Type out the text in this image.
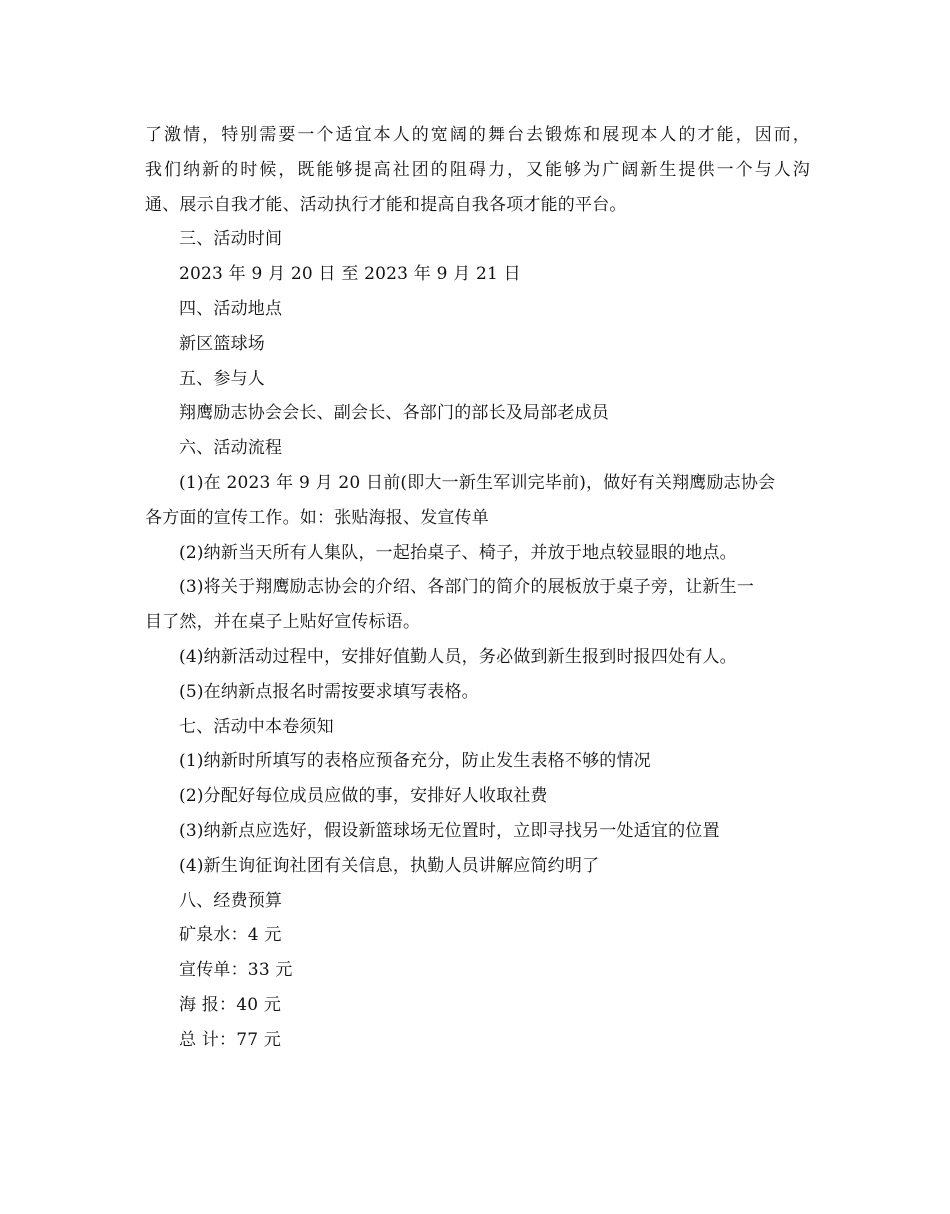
了激情，特别需要一个适宜本人的宽阔的舞台去锻炼和展现本人的才能，因而，
我们纳新的时候，既能够提高社团的阻碍力，又能够为广阔新生提供一个与人沟
通、展示自我才能、活动执行才能和提高自我各项才能的平台。
三、活动时间
2023 年 9 月 20 日 至 2023 年 9 月 21 日
四、活动地点
新区篮球场
五、参与人
翔鹰励志协会会长、副会长、各部门的部长及局部老成员
六、活动流程
(1)在 2023 年 9 月 20 日前(即大一新生军训完毕前)，做好有关翔鹰励志协会
各方面的宣传工作。如：张贴海报、发宣传单
(2)纳新当天所有人集队，一起抬桌子、椅子，并放于地点较显眼的地点。
(3)将关于翔鹰励志协会的介绍、各部门的简介的展板放于桌子旁，让新生一
目了然，并在桌子上贴好宣传标语。
(4)纳新活动过程中，安排好值勤人员，务必做到新生报到时报四处有人。
(5)在纳新点报名时需按要求填写表格。
七、活动中本卷须知
(1)纳新时所填写的表格应预备充分，防止发生表格不够的情况
(2)分配好每位成员应做的事，安排好人收取社费
(3)纳新点应选好，假设新篮球场无位置时，立即寻找另一处适宜的位置
(4)新生询征询社团有关信息，执勤人员讲解应简约明了
八、经费预算
矿泉水：4 元
宣传单：33 元
海 报：40 元
总 计：77 元
